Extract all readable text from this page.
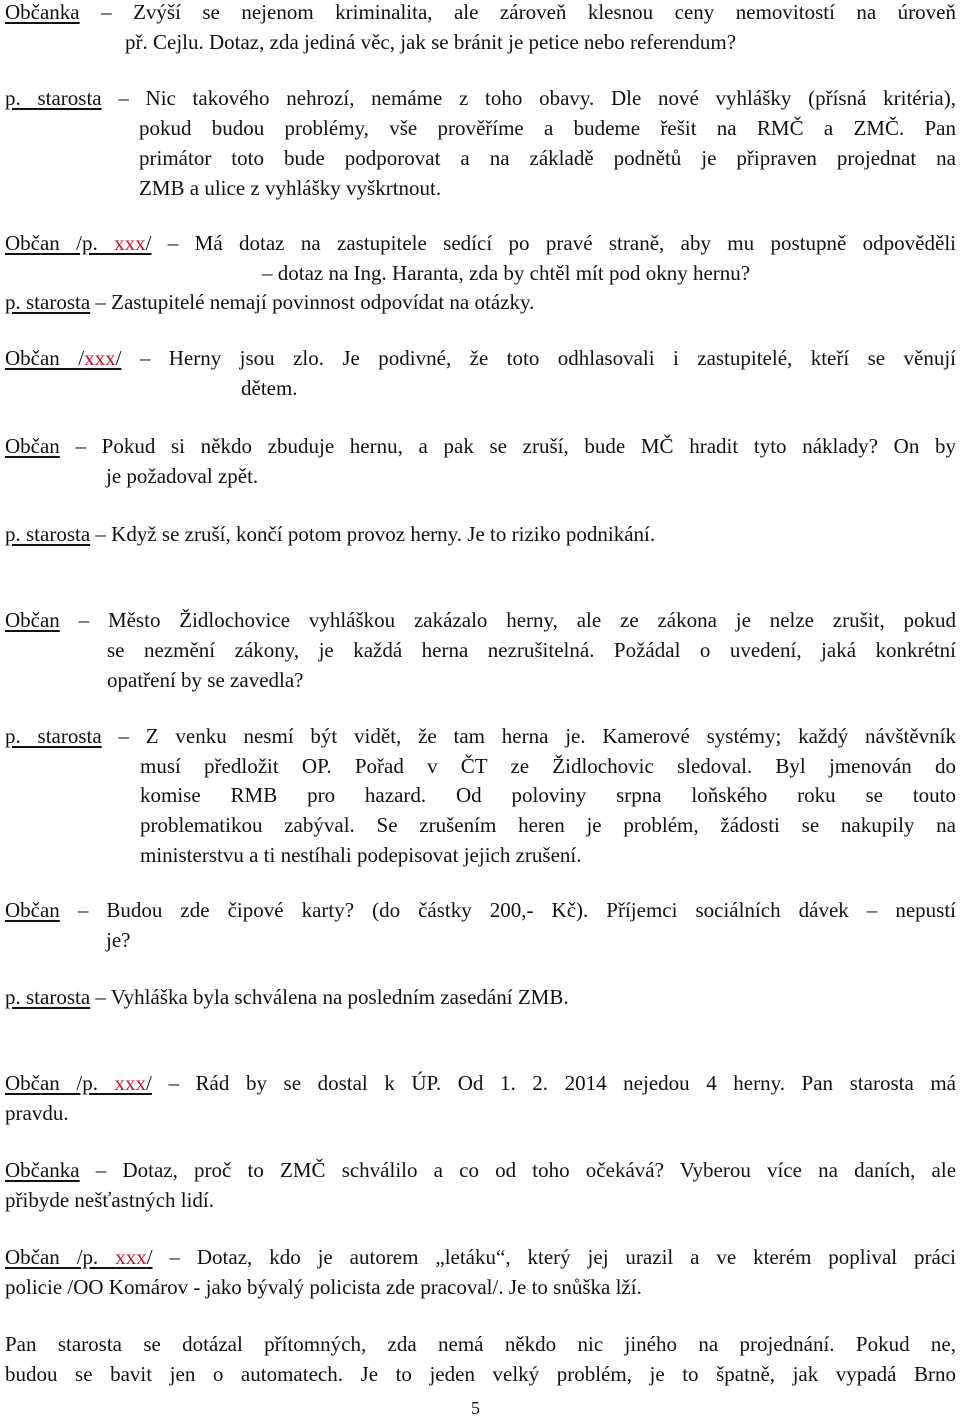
Občanka – Zvýší se nejenom kriminalita, ale zároveň klesnou ceny nemovitostí na úroveň
př. Cejlu. Dotaz, zda jediná věc, jak se bránit je petice nebo referendum?
p. starosta – Nic takového nehrozí, nemáme z toho obavy. Dle nové vyhlášky (přísná kritéria),
pokud budou problémy, vše prověříme a budeme řešit na RMČ a ZMČ. Pan
primátor toto bude podporovat a na základě podnětů je připraven projednat na
ZMB a ulice z vyhlášky vyškrtnout.
Občan /p. xxx/ – Má dotaz na zastupitele sedící po pravé straně, aby mu postupně odpověděli
– dotaz na Ing. Haranta, zda by chtěl mít pod okny hernu?
p. starosta – Zastupitelé nemají povinnost odpovídat na otázky.
Občan /xxx/ – Herny jsou zlo. Je podivné, že toto odhlasovali i zastupitelé, kteří se věnují
dětem.
Občan – Pokud si někdo zbuduje hernu, a pak se zruší, bude MČ hradit tyto náklady? On by
je požadoval zpět.
p. starosta – Když se zruší, končí potom provoz herny. Je to riziko podnikání.
Občan – Město Židlochovice vyhláškou zakázalo herny, ale ze zákona je nelze zrušit, pokud
se nezmění zákony, je každá herna nezrušitelná. Požádal o uvedení, jaká konkrétní
opatření by se zavedla?
p. starosta – Z venku nesmí být vidět, že tam herna je. Kamerové systémy; každý návštěvník
musí předložit OP. Pořad v ČT ze Židlochovic sledoval. Byl jmenován do
komise RMB pro hazard. Od poloviny srpna loňského roku se touto
problematikou zabýval. Se zrušením heren je problém, žádosti se nakupily na
ministerstvu a ti nestíhali podepisovat jejich zrušení.
Občan – Budou zde čipové karty? (do částky 200,- Kč). Příjemci sociálních dávek – nepustí
je?
p. starosta – Vyhláška byla schválena na posledním zasedání ZMB.
Občan /p. xxx/ – Rád by se dostal k ÚP. Od 1. 2. 2014 nejedou 4 herny. Pan starosta má
pravdu.
Občanka – Dotaz, proč to ZMČ schválilo a co od toho očekává? Vyberou více na daních, ale
přibyde nešťastných lidí.
Občan /p. xxx/ – Dotaz, kdo je autorem „letáku“, který jej urazil a ve kterém poplival práci
policie /OO Komárov - jako bývalý policista zde pracoval/. Je to snůška lží.
Pan starosta se dotázal přítomných, zda nemá někdo nic jiného na projednání. Pokud ne,
budou se bavit jen o automatech. Je to jeden velký problém, je to špatně, jak vypadá Brno
5
